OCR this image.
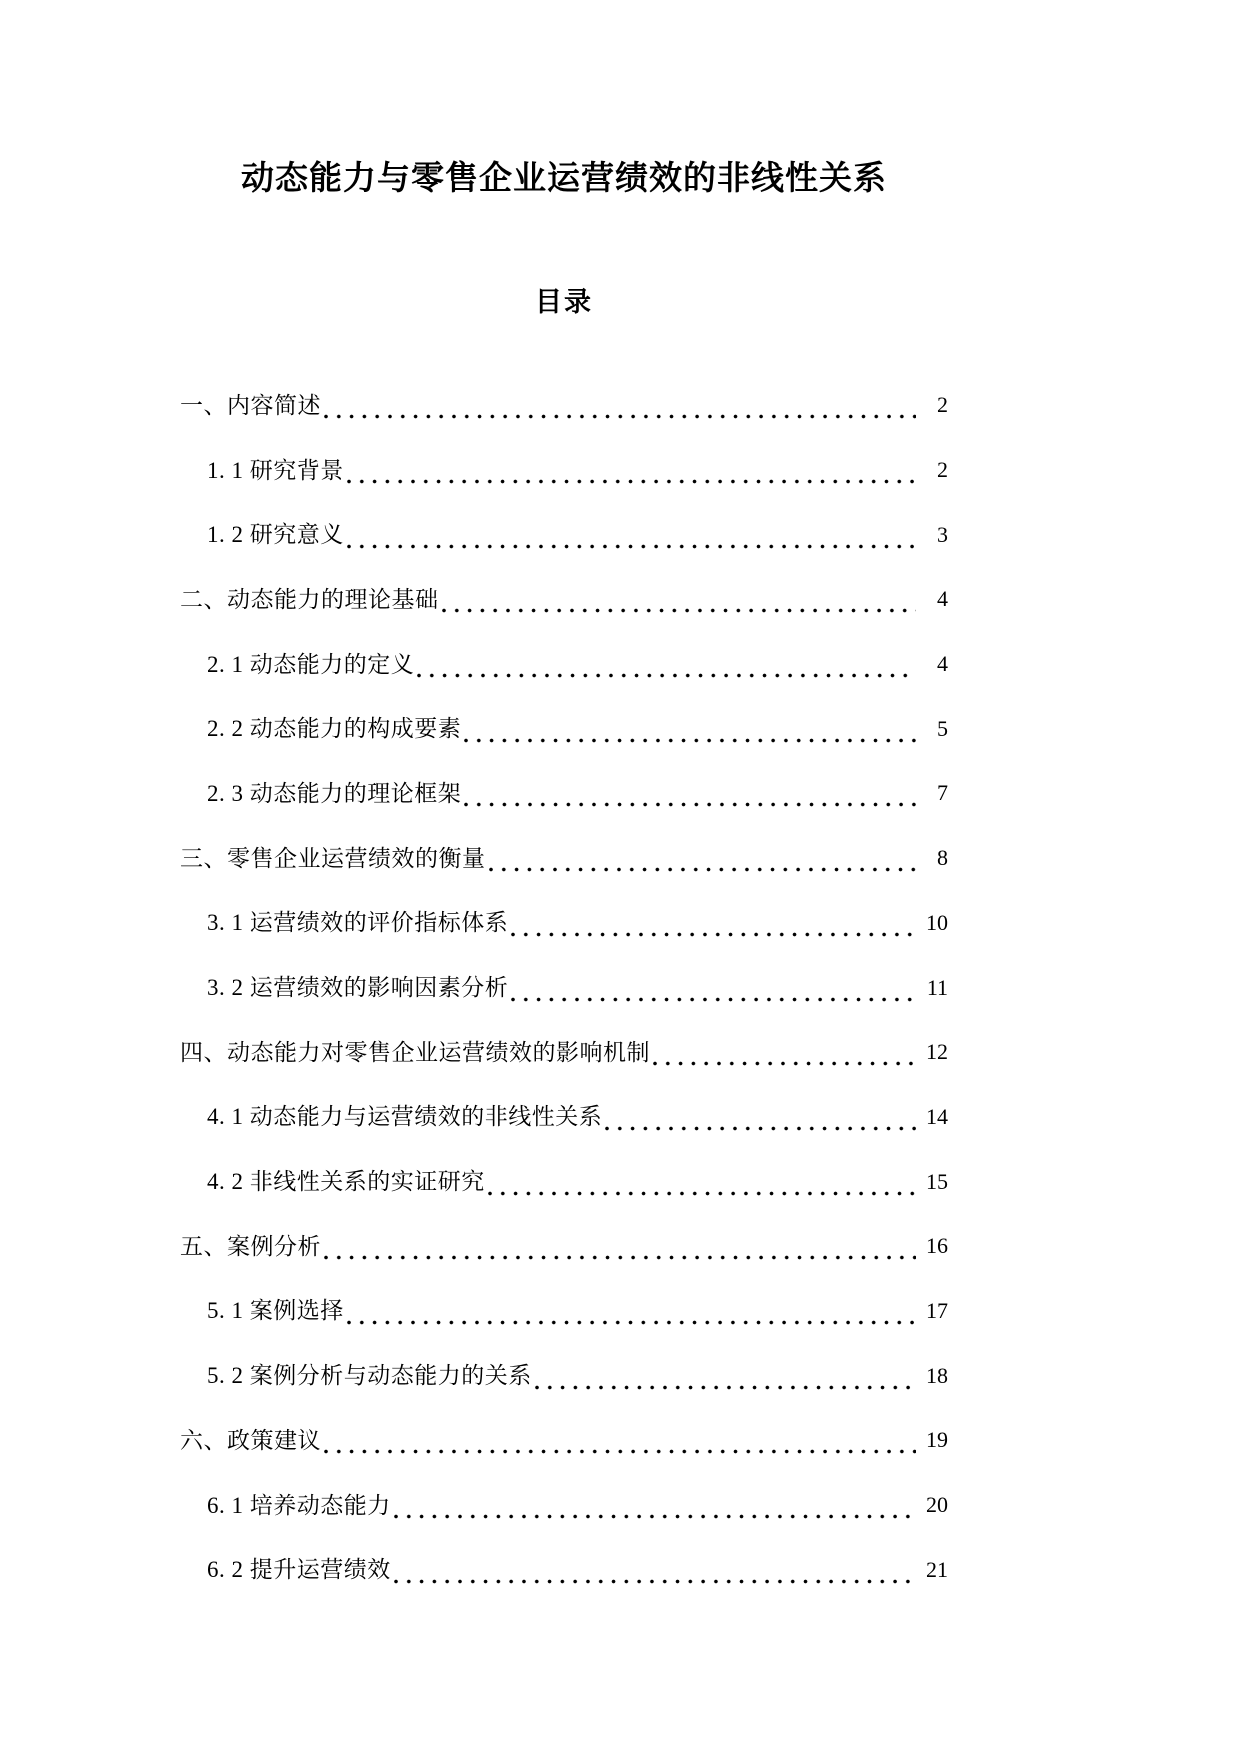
动态能力与零售企业运营绩效的非线性关系
目录
一、内容简述	2
1. 1 研究背景	2
1. 2 研究意义	3
二、动态能力的理论基础	4
2. 1 动态能力的定义	4
2. 2 动态能力的构成要素	5
2. 3 动态能力的理论框架	7
三、零售企业运营绩效的衡量	8
3. 1 运营绩效的评价指标体系	10
3. 2 运营绩效的影响因素分析	11
四、动态能力对零售企业运营绩效的影响机制	12
4. 1 动态能力与运营绩效的非线性关系	14
4. 2 非线性关系的实证研究	15
五、案例分析	16
5. 1 案例选择	17
5. 2 案例分析与动态能力的关系	18
六、政策建议	19
6. 1 培养动态能力	20
6. 2 提升运营绩效	21
